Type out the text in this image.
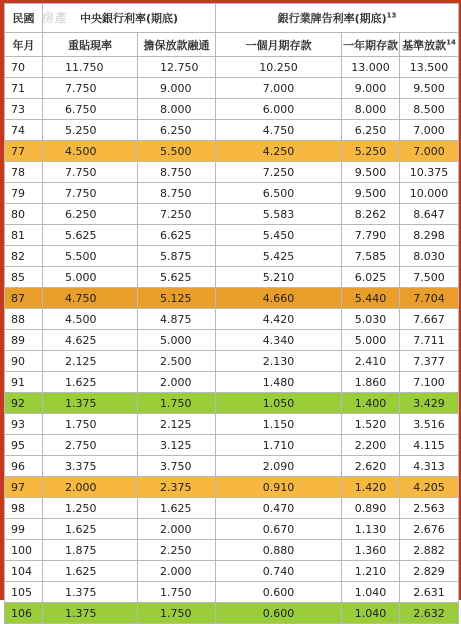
房產
民國	中央銀行利率(期底)		銀行業牌告利率(期底)$^{13}$
年月	重貼現率	擔保放款融通	一個月期存款	一年期存款	基準放款$^{14}$
70	11.750	12.750	10.250	13.000	13.500
71	7.750	9.000	7.000	9.000	9.500
73	6.750	8.000	6.000	8.000	8.500
74	5.250	6.250	4.750	6.250	7.000
77	4.500	5.500	4.250	5.250	7.000
78	7.750	8.750	7.250	9.500	10.375
79	7.750	8.750	6.500	9.500	10.000
80	6.250	7.250	5.583	8.262	8.647
81	5.625	6.625	5.450	7.790	8.298
82	5.500	5.875	5.425	7.585	8.030
85	5.000	5.625	5.210	6.025	7.500
87	4.750	5.125	4.660	5.440	7.704
88	4.500	4.875	4.420	5.030	7.667
89	4.625	5.000	4.340	5.000	7.711
90	2.125	2.500	2.130	2.410	7.377
91	1.625	2.000	1.480	1.860	7.100
92	1.375	1.750	1.050	1.400	3.429
93	1.750	2.125	1.150	1.520	3.516
95	2.750	3.125	1.710	2.200	4.115
96	3.375	3.750	2.090	2.620	4.313
97	2.000	2.375	0.910	1.420	4.205
98	1.250	1.625	0.470	0.890	2.563
99	1.625	2.000	0.670	1.130	2.676
100	1.875	2.250	0.880	1.360	2.882
104	1.625	2.000	0.740	1.210	2.829
105	1.375	1.750	0.600	1.040	2.631
106	1.375	1.750	0.600	1.040	2.632
